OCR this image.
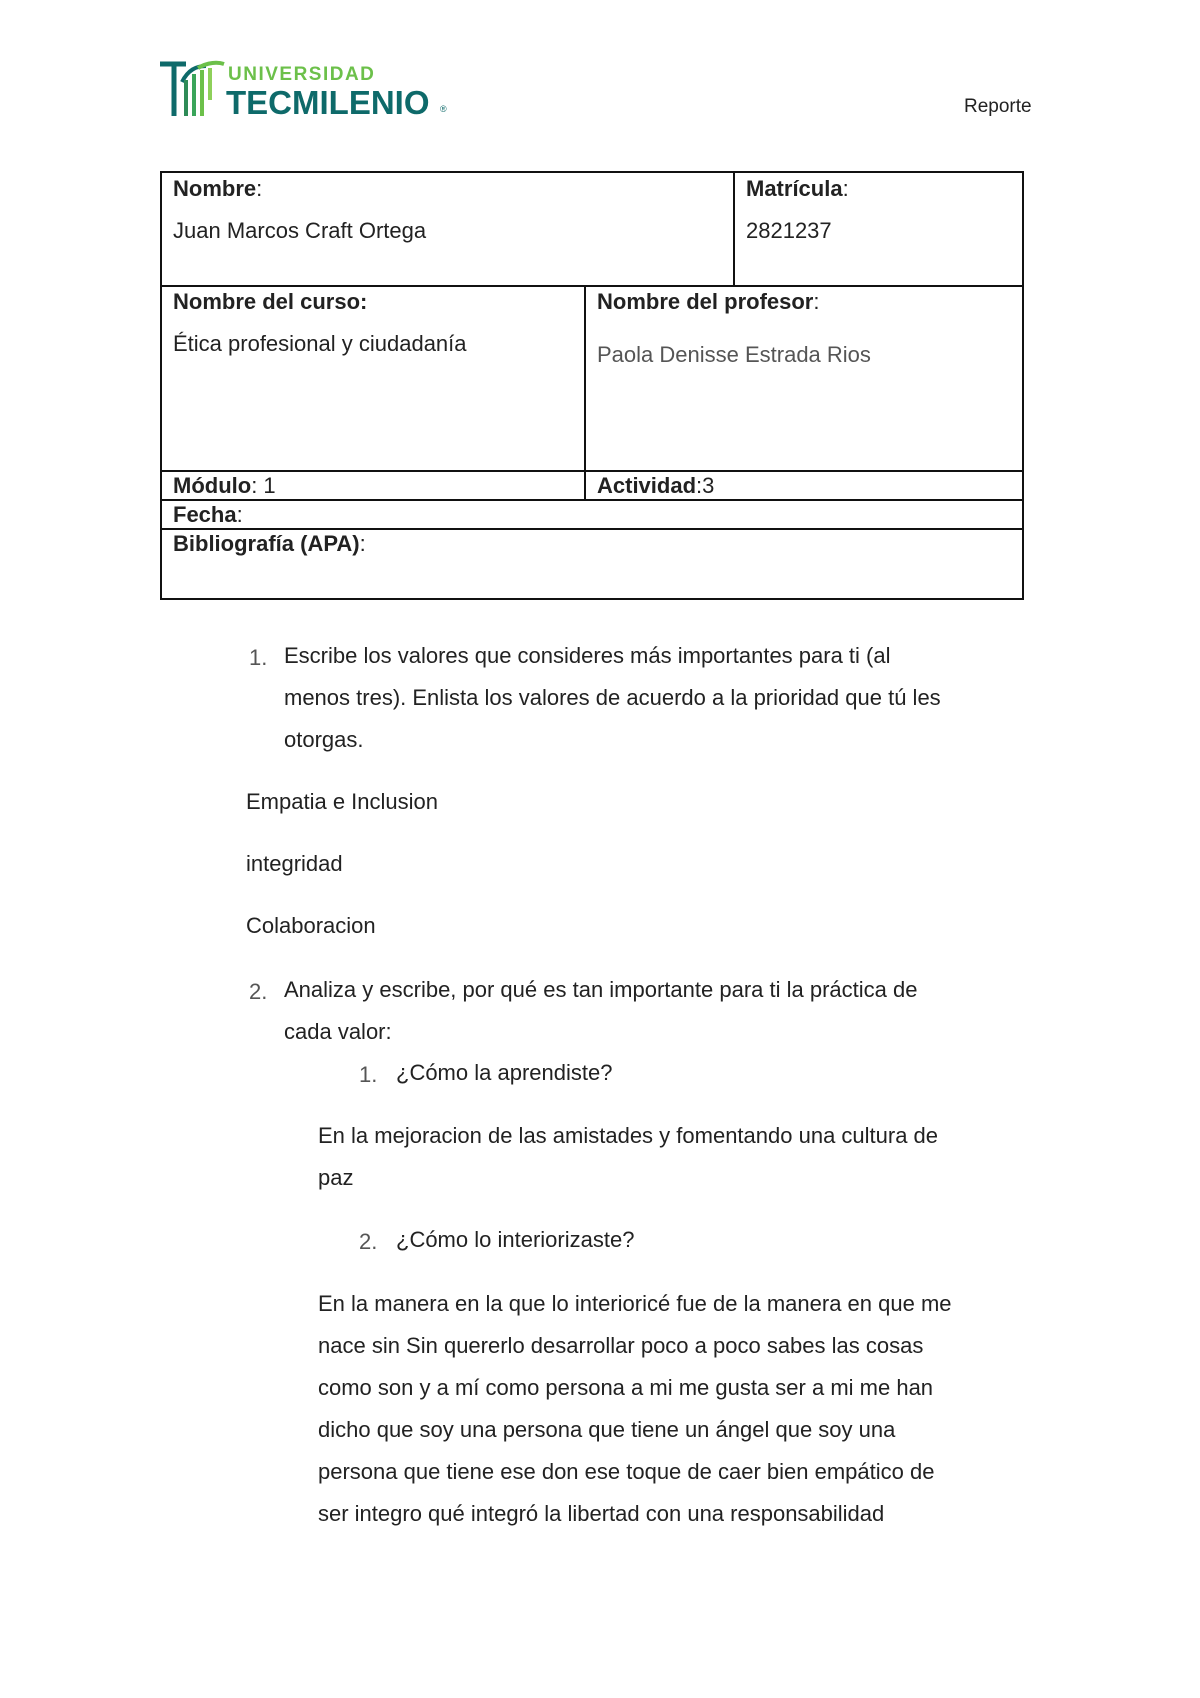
UNIVERSIDAD
TECMILENIO ®	Reporte
Nombre:
Juan Marcos Craft Ortega
Matrícula:
2821237
Nombre del curso:
Ética profesional y ciudadanía
Nombre del profesor:
Paola Denisse Estrada Rios
Módulo: 1	Actividad:3
Fecha:
Bibliografía (APA):
1. Escribe los valores que consideres más importantes para ti (al
menos tres). Enlista los valores de acuerdo a la prioridad que tú les
otorgas.
Empatia e Inclusion
integridad
Colaboracion
2. Analiza y escribe, por qué es tan importante para ti la práctica de
cada valor:
1. ¿Cómo la aprendiste?
En la mejoracion de las amistades y fomentando una cultura de
paz
2. ¿Cómo lo interiorizaste?
En la manera en la que lo interioricé fue de la manera en que me
nace sin Sin quererlo desarrollar poco a poco sabes las cosas
como son y a mí como persona a mi me gusta ser a mi me han
dicho que soy una persona que tiene un ángel que soy una
persona que tiene ese don ese toque de caer bien empático de
ser integro qué integró la libertad con una responsabilidad
